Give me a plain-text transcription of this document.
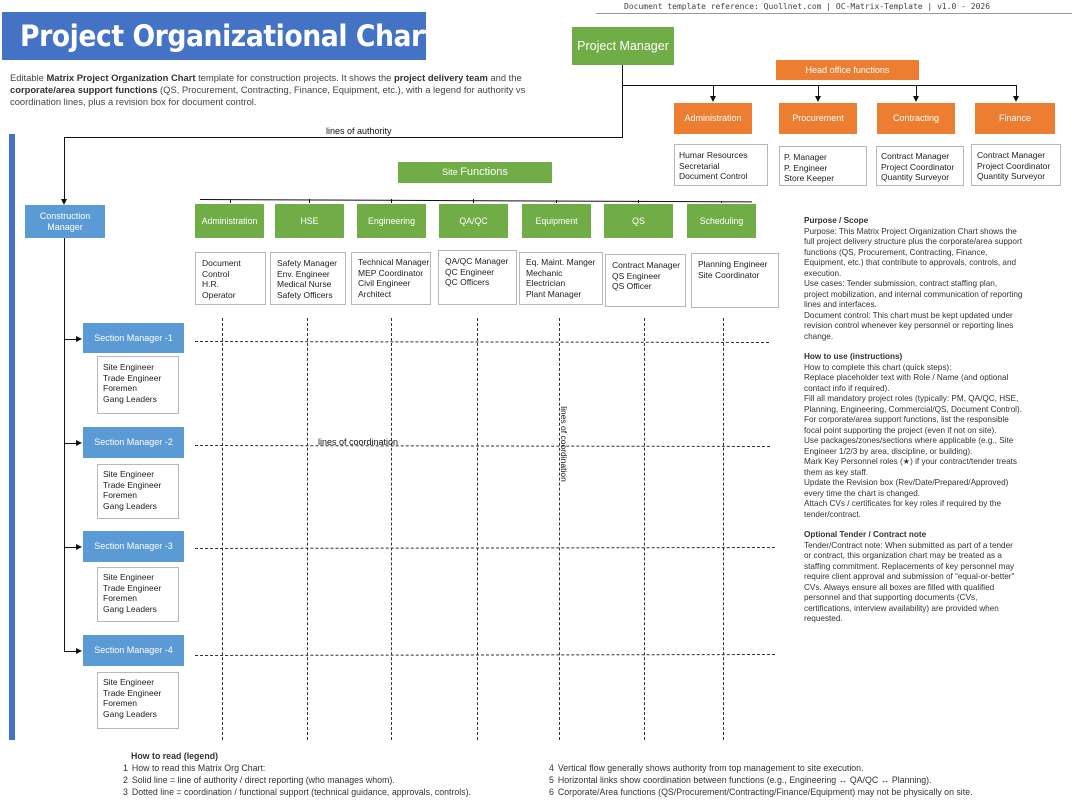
Project Organizational Chart
Document template reference: Quollnet.com | OC-Matrix-Template | v1.0 - 2026
Editable Matrix Project Organization Chart template for construction projects. It shows the project delivery team and the corporate/area support functions (QS, Procurement, Contracting, Finance, Equipment, etc.), with a legend for authority vs coordination lines, plus a revision box for document control.
Project Manager
Head office functions
lines of authority
Administration	Procurement	Contracting	Finance
Humar Resources
Secretarial
Document Control
P. Manager
P. Engineer
Store Keeper
Contract Manager
Project Coordinator
Quantity Surveyor
Contract Manager
Project Coordinator
Quantity Surveyor
Site Functions
Administration	HSE	Engineering	QA/QC	Equipment	QS	Scheduling
Document
Control
H.R.
Operator
Safety Manager
Env. Engineer
Medical Nurse
Safety Officers
Technical Manager
MEP Coordinator
Civil Engineer
Architect
QA/QC Manager
QC Engineer
QC Officers
Eq. Maint. Manger
Mechanic
Electrician
Plant Manager
Contract Manager
QS Engineer
QS Officer
Planning Engineer
Site Coordinator
Construction Manager
Section Manager -1
Section Manager -2
Section Manager -3
Section Manager -4
Site Engineer
Trade Engineer
Foremen
Gang Leaders
Site Engineer
Trade Engineer
Foremen
Gang Leaders
Site Engineer
Trade Engineer
Foremen
Gang Leaders
Site Engineer
Trade Engineer
Foremen
Gang Leaders
lines of coordination	lines of coordination
Purpose / Scope
Purpose: This Matrix Project Organization Chart shows the
full project delivery structure plus the corporate/area support
functions (QS, Procurement, Contracting, Finance,
Equipment, etc.) that contribute to approvals, controls, and
execution.
Use cases: Tender submission, contract staffing plan,
project mobilization, and internal communication of reporting
lines and interfaces.
Document control: This chart must be kept updated under
revision control whenever key personnel or reporting lines
change.
How to use (instructions)
How to complete this chart (quick steps):
Replace placeholder text with Role / Name (and optional
contact info if required).
Fill all mandatory project roles (typically: PM, QA/QC, HSE,
Planning, Engineering, Commercial/QS, Document Control).
For corporate/area support functions, list the responsible
focal point supporting the project (even if not on site).
Use packages/zones/sections where applicable (e.g., Site
Engineer 1/2/3 by area, discipline, or building).
Mark Key Personnel roles (★) if your contract/tender treats
them as key staff.
Update the Revision box (Rev/Date/Prepared/Approved)
every time the chart is changed.
Attach CVs / certificates for key roles if required by the
tender/contract.
Optional Tender / Contract note
Tender/Contract note: When submitted as part of a tender
or contract, this organization chart may be treated as a
staffing commitment. Replacements of key personnel may
require client approval and submission of “equal-or-better”
CVs. Always ensure all boxes are filled with qualified
personnel and that supporting documents (CVs,
certifications, interview availability) are provided when
requested.
How to read (legend)
1 How to read this Matrix Org Chart:
2 Solid line = line of authority / direct reporting (who manages whom).
3 Dotted line = coordination / functional support (technical guidance, approvals, controls).
4 Vertical flow generally shows authority from top management to site execution.
5 Horizontal links show coordination between functions (e.g., Engineering ↔ QA/QC ↔ Planning).
6 Corporate/Area functions (QS/Procurement/Contracting/Finance/Equipment) may not be physically on site.
